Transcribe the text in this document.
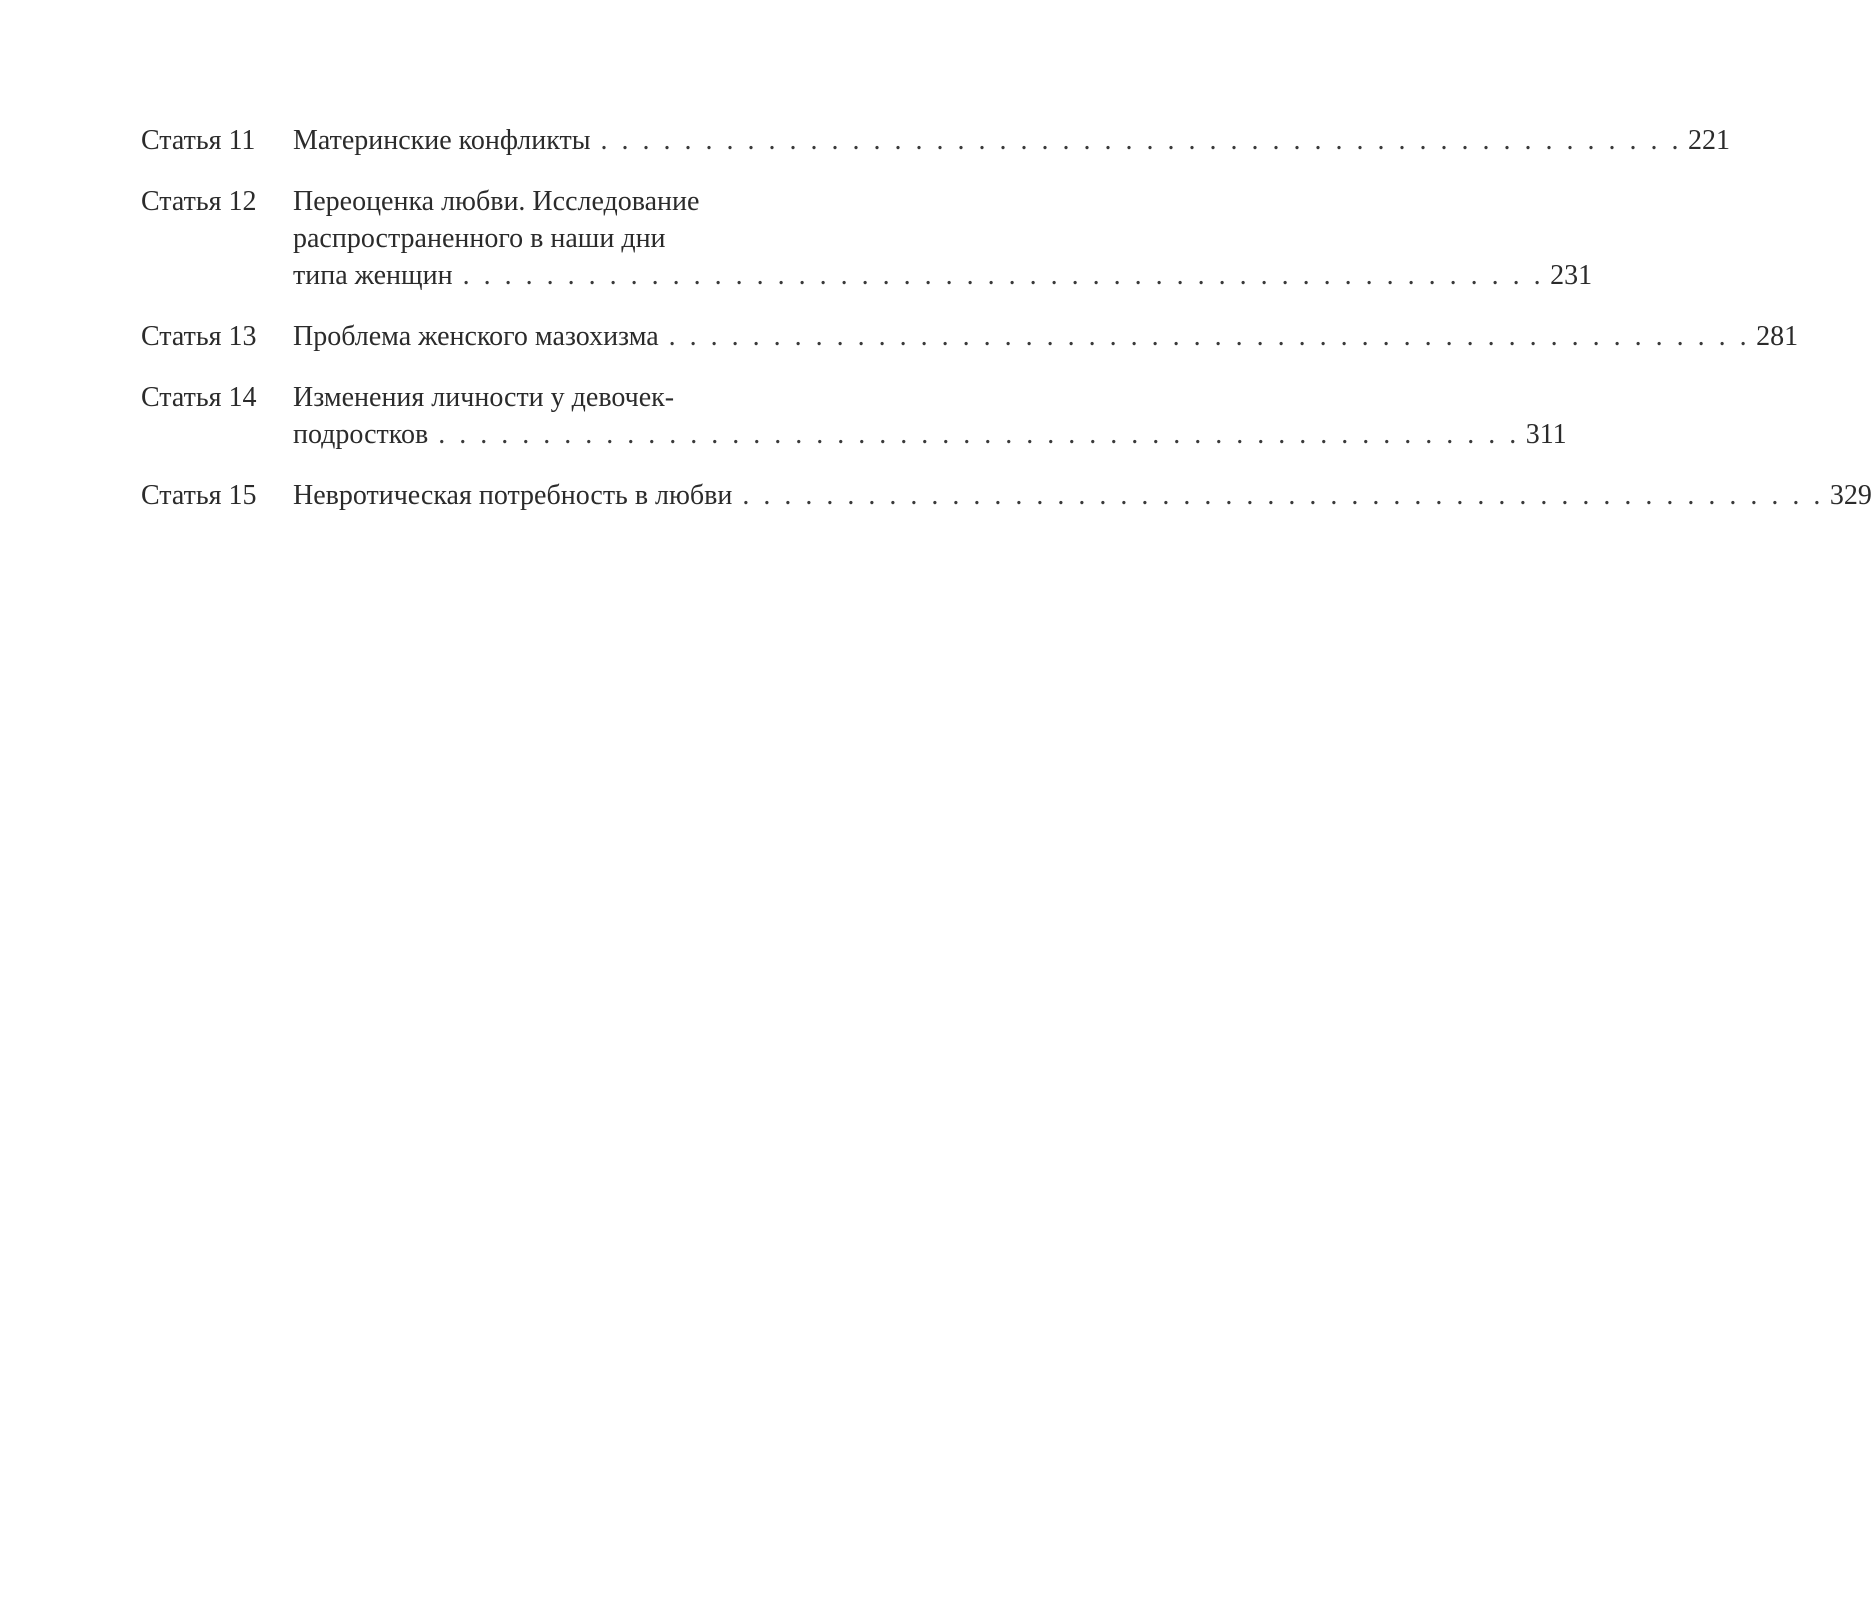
Статья 11	Материнские конфликты . . . . . . . . . . . . . . . . . . . . . . . . . . . . . . . . . . . . . . . . . . . . . . . . . . . . 221
Статья 12	Переоценка любви. Исследование
распространенного в наши дни
типа женщин . . . . . . . . . . . . . . . . . . . . . . . . . . . . . . . . . . . . . . . . . . . . . . . . . . . . 231
Статья 13	Проблема женского мазохизма . . . . . . . . . . . . . . . . . . . . . . . . . . . . . . . . . . . . . . . . . . . . . . . . . . . . 281
Статья 14	Изменения личности у девочек-
подростков . . . . . . . . . . . . . . . . . . . . . . . . . . . . . . . . . . . . . . . . . . . . . . . . . . . . 311
Статья 15	Невротическая потребность в любви . . . . . . . . . . . . . . . . . . . . . . . . . . . . . . . . . . . . . . . . . . . . . . . . . . . . 329
